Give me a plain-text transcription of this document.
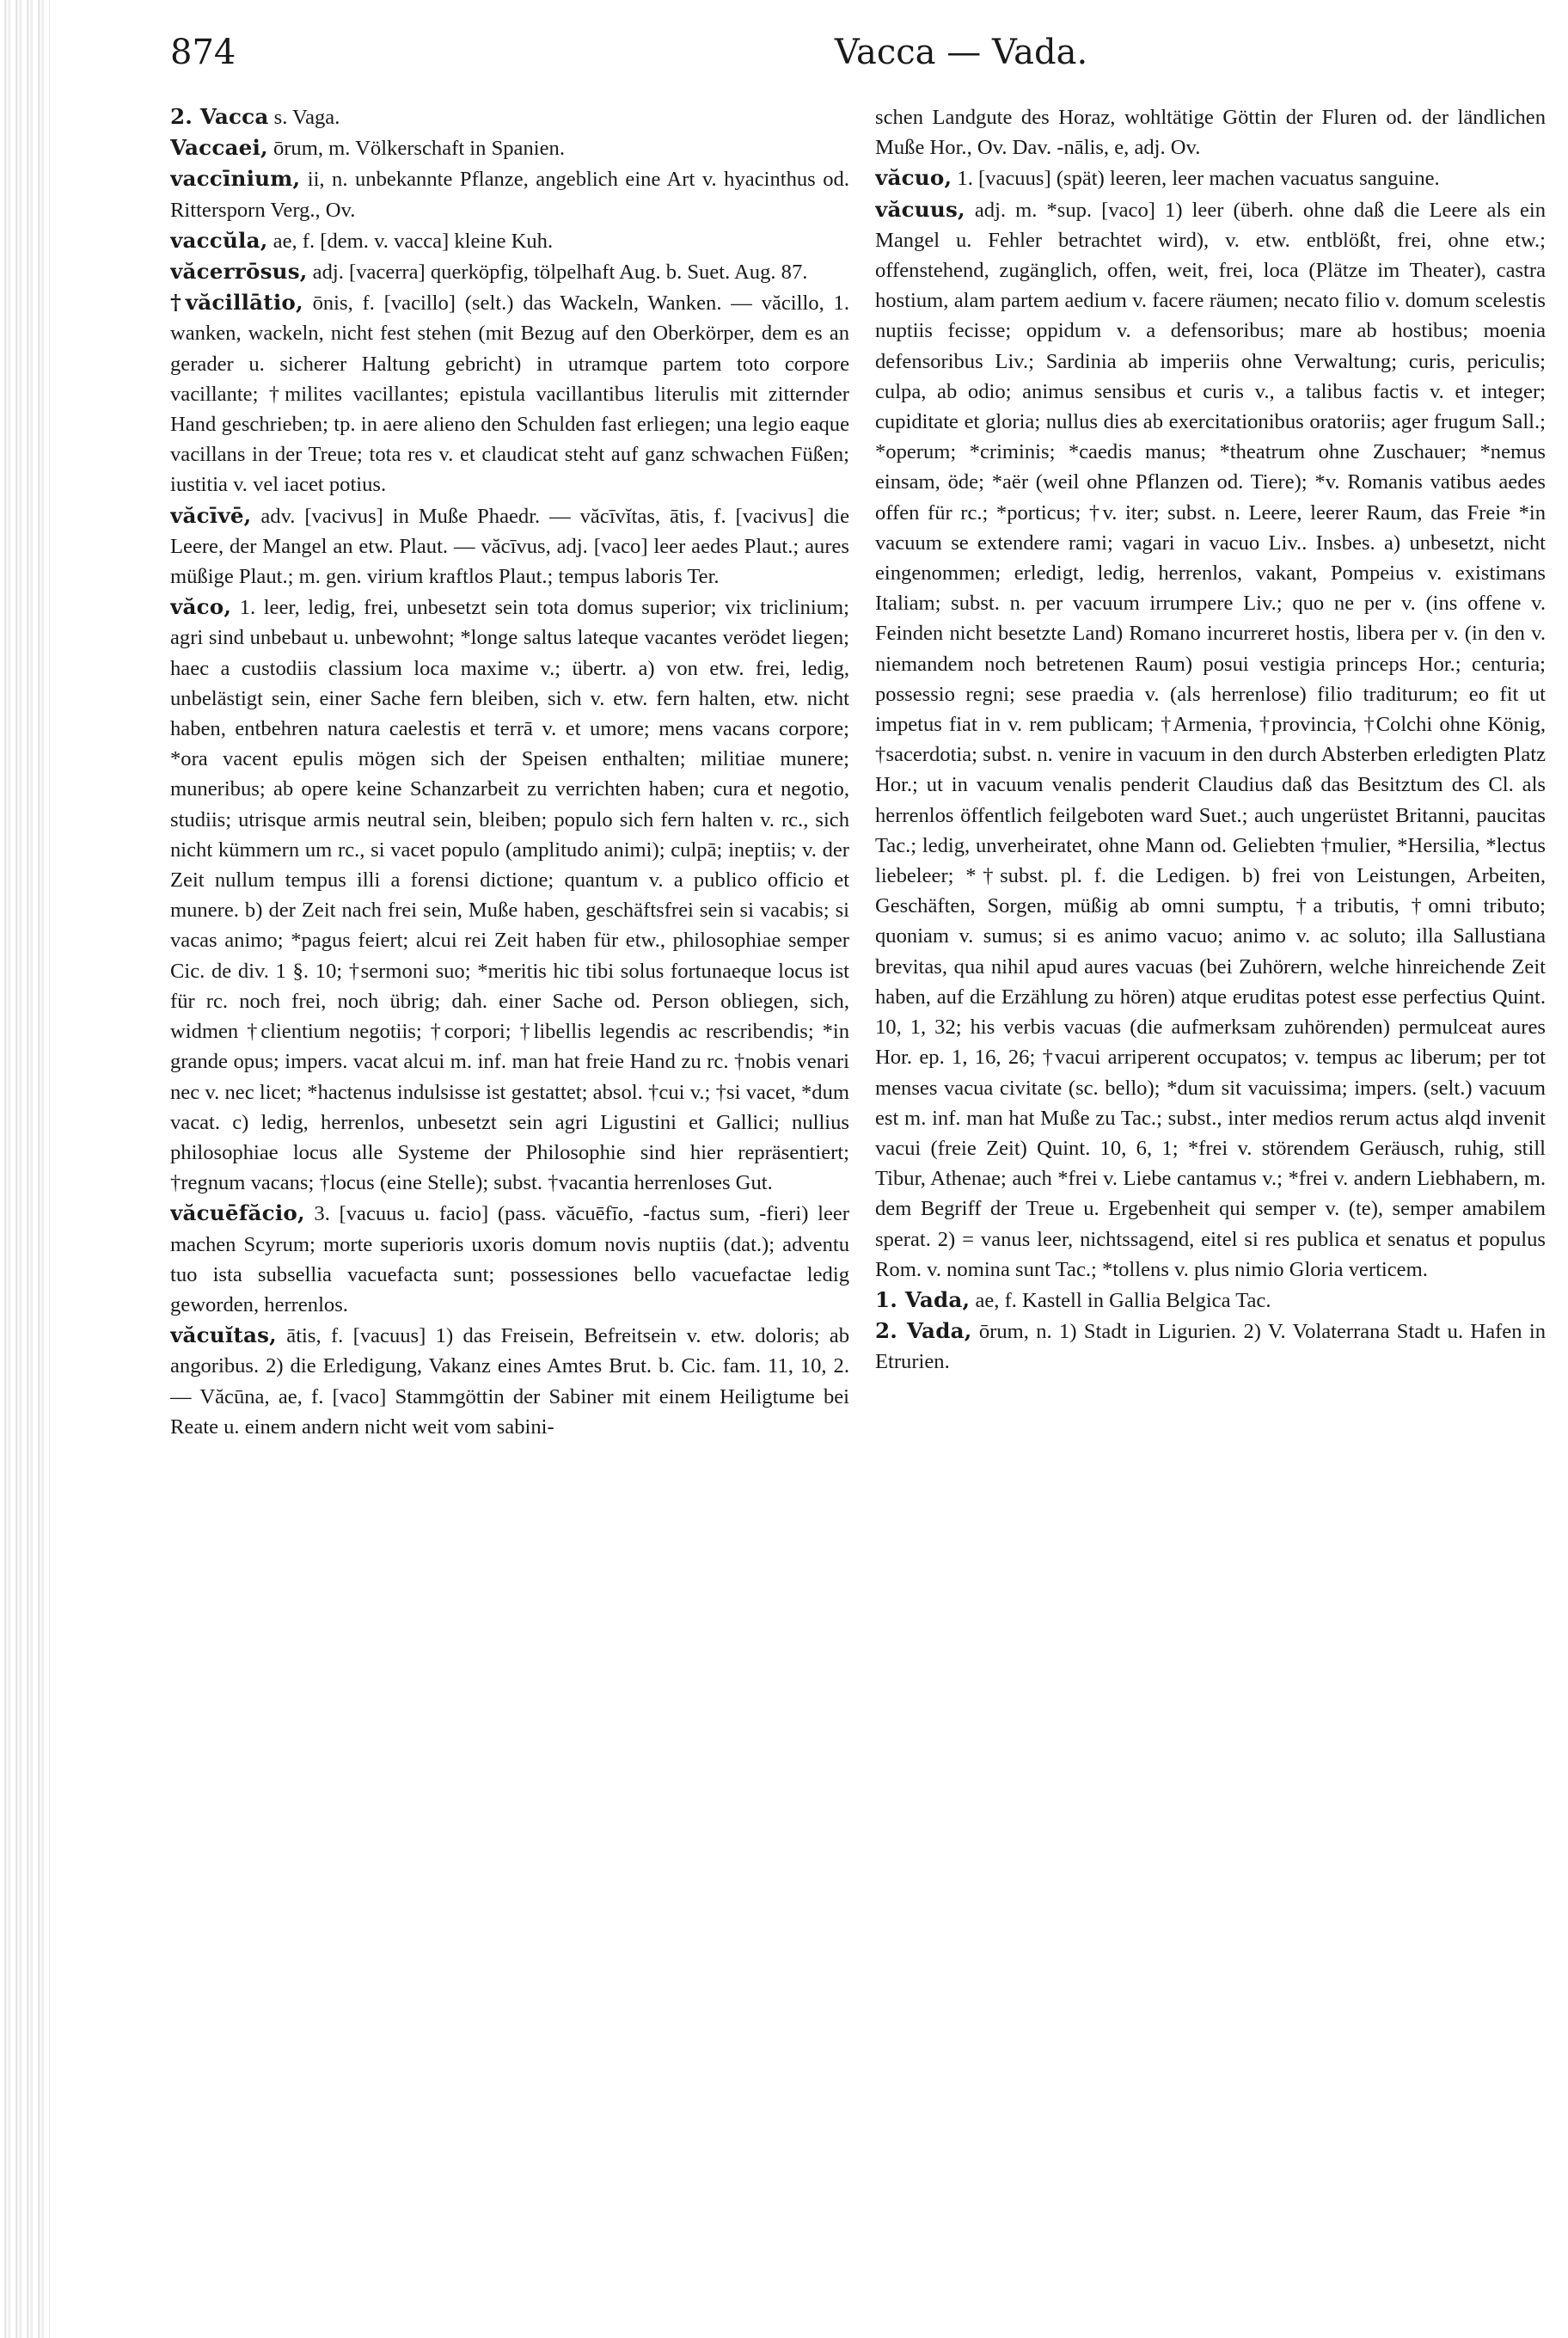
874	Vacca — Vada.

2. Vacca s. Vaga.

Vaccaei, ōrum, m. Völkerschaft in Spanien.

vaccīnium, ii, n. unbekannte Pflanze, angeblich eine Art v. hyacinthus od. Rittersporn Verg., Ov.

vaccŭla, ae, f. [dem. v. vacca] kleine Kuh.

văcerrōsus, adj. [vacerra] querköpfig, tölpelhaft Aug. b. Suet. Aug. 87.

†văcillātio, ōnis, f. [vacillo] (selt.) das Wackeln, Wanken. — văcillo, 1. wanken, wackeln, nicht fest stehen (mit Bezug auf den Oberkörper, dem es an gerader u. sicherer Haltung gebricht) in utramque partem toto corpore vacillante; †milites vacillantes; epistula vacillantibus literulis mit zitternder Hand geschrieben; tp. in aere alieno den Schulden fast erliegen; una legio eaque vacillans in der Treue; tota res v. et claudicat steht auf ganz schwachen Füßen; iustitia v. vel iacet potius.

văcīvē, adv. [vacivus] in Muße Phaedr. — văcīvĭtas, ātis, f. [vacivus] die Leere, der Mangel an etw. Plaut. — văcīvus, adj. [vaco] leer aedes Plaut.; aures müßige Plaut.; m. gen. virium kraftlos Plaut.; tempus laboris Ter.

văco, 1. leer, ledig, frei, unbesetzt sein tota domus superior; vix triclinium; agri sind unbebaut u. unbewohnt; *longe saltus lateque vacantes verödet liegen; haec a custodiis classium loca maxime v.; übertr. a) von etw. frei, ledig, unbelästigt sein, einer Sache fern bleiben, sich v. etw. fern halten, etw. nicht haben, entbehren natura caelestis et terrā v. et umore; mens vacans corpore; *ora vacent epulis mögen sich der Speisen enthalten; militiae munere; muneribus; ab opere keine Schanzarbeit zu verrichten haben; cura et negotio, studiis; utrisque armis neutral sein, bleiben; populo sich fern halten v. rc., sich nicht kümmern um rc., si vacet populo (amplitudo animi); culpā; ineptiis; v. der Zeit nullum tempus illi a forensi dictione; quantum v. a publico officio et munere. b) der Zeit nach frei sein, Muße haben, geschäftsfrei sein si vacabis; si vacas animo; *pagus feiert; alcui rei Zeit haben für etw., philosophiae semper Cic. de div. 1 §. 10; †sermoni suo; *meritis hic tibi solus fortunaeque locus ist für rc. noch frei, noch übrig; dah. einer Sache od. Person obliegen, sich, widmen †clientium negotiis; †corpori; †libellis legendis ac rescribendis; *in grande opus; impers. vacat alcui m. inf. man hat freie Hand zu rc. †nobis venari nec v. nec licet; *hactenus indulsisse ist gestattet; absol. †cui v.; †si vacet, *dum vacat. c) ledig, herrenlos, unbesetzt sein agri Ligustini et Gallici; nullius philosophiae locus alle Systeme der Philosophie sind hier repräsentiert; †regnum vacans; †locus (eine Stelle); subst. †vacantia herrenloses Gut.

văcuēfăcio, 3. [vacuus u. facio] (pass. văcuēfīo, -factus sum, -fieri) leer machen Scyrum; morte superioris uxoris domum novis nuptiis (dat.); adventu tuo ista subsellia vacuefacta sunt; possessiones bello vacuefactae ledig geworden, herrenlos.

văcuĭtas, ātis, f. [vacuus] 1) das Freisein, Befreitsein v. etw. doloris; ab angoribus. 2) die Erledigung, Vakanz eines Amtes Brut. b. Cic. fam. 11, 10, 2. — Văcūna, ae, f. [vaco] Stammgöttin der Sabiner mit einem Heiligtume bei Reate u. einem andern nicht weit vom sabini-

schen Landgute des Horaz, wohltätige Göttin der Fluren od. der ländlichen Muße Hor., Ov. Dav. -nālis, e, adj. Ov.

văcuo, 1. [vacuus] (spät) leeren, leer machen vacuatus sanguine.

văcuus, adj. m. *sup. [vaco] 1) leer (überh. ohne daß die Leere als ein Mangel u. Fehler betrachtet wird), v. etw. entblößt, frei, ohne etw.; offenstehend, zugänglich, offen, weit, frei, loca (Plätze im Theater), castra hostium, alam partem aedium v. facere räumen; necato filio v. domum scelestis nuptiis fecisse; oppidum v. a defensoribus; mare ab hostibus; moenia defensoribus Liv.; Sardinia ab imperiis ohne Verwaltung; curis, periculis; culpa, ab odio; animus sensibus et curis v., a talibus factis v. et integer; cupiditate et gloria; nullus dies ab exercitationibus oratoriis; ager frugum Sall.; *operum; *criminis; *caedis manus; *theatrum ohne Zuschauer; *nemus einsam, öde; *aër (weil ohne Pflanzen od. Tiere); *v. Romanis vatibus aedes offen für rc.; *porticus; †v. iter; subst. n. Leere, leerer Raum, das Freie *in vacuum se extendere rami; vagari in vacuo Liv.. Insbes. a) unbesetzt, nicht eingenommen; erledigt, ledig, herrenlos, vakant, Pompeius v. existimans Italiam; subst. n. per vacuum irrumpere Liv.; quo ne per v. (ins offene v. Feinden nicht besetzte Land) Romano incurreret hostis, libera per v. (in den v. niemandem noch betretenen Raum) posui vestigia princeps Hor.; centuria; possessio regni; sese praedia v. (als herrenlose) filio traditurum; eo fit ut impetus fiat in v. rem publicam; †Armenia, †provincia, †Colchi ohne König, †sacerdotia; subst. n. venire in vacuum in den durch Absterben erledigten Platz Hor.; ut in vacuum venalis penderit Claudius daß das Besitztum des Cl. als herrenlos öffentlich feilgeboten ward Suet.; auch ungerüstet Britanni, paucitas Tac.; ledig, unverheiratet, ohne Mann od. Geliebten †mulier, *Hersilia, *lectus liebeleer; *†subst. pl. f. die Ledigen. b) frei von Leistungen, Arbeiten, Geschäften, Sorgen, müßig ab omni sumptu, †a tributis, †omni tributo; quoniam v. sumus; si es animo vacuo; animo v. ac soluto; illa Sallustiana brevitas, qua nihil apud aures vacuas (bei Zuhörern, welche hinreichende Zeit haben, auf die Erzählung zu hören) atque eruditas potest esse perfectius Quint. 10, 1, 32; his verbis vacuas (die aufmerksam zuhörenden) permulceat aures Hor. ep. 1, 16, 26; †vacui arriperent occupatos; v. tempus ac liberum; per tot menses vacua civitate (sc. bello); *dum sit vacuissima; impers. (selt.) vacuum est m. inf. man hat Muße zu Tac.; subst., inter medios rerum actus alqd invenit vacui (freie Zeit) Quint. 10, 6, 1; *frei v. störendem Geräusch, ruhig, still Tibur, Athenae; auch *frei v. Liebe cantamus v.; *frei v. andern Liebhabern, m. dem Begriff der Treue u. Ergebenheit qui semper v. (te), semper amabilem sperat. 2) = vanus leer, nichtssagend, eitel si res publica et senatus et populus Rom. v. nomina sunt Tac.; *tollens v. plus nimio Gloria verticem.

1. Vada, ae, f. Kastell in Gallia Belgica Tac.

2. Vada, ōrum, n. 1) Stadt in Ligurien. 2) V. Volaterrana Stadt u. Hafen in Etrurien.
